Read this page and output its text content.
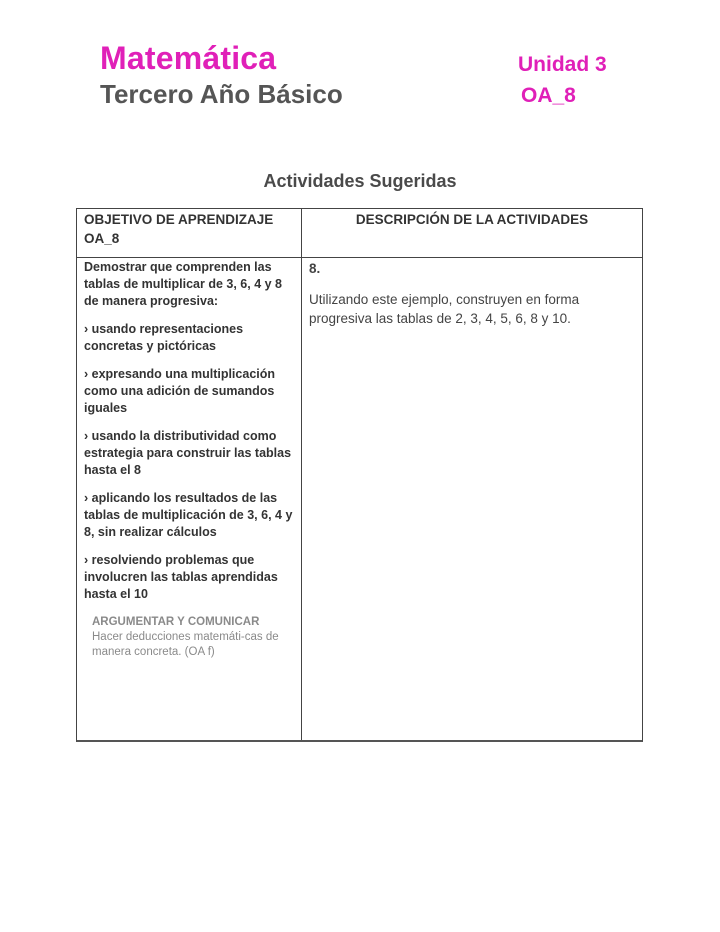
Matemática
Tercero Año Básico
Unidad 3
OA_8
Actividades Sugeridas
OBJETIVO DE APRENDIZAJE
OA_8
DESCRIPCIÓN DE LA ACTIVIDADES

Demostrar que comprenden las tablas de multiplicar de 3, 6, 4 y 8 de manera progresiva:

› usando representaciones concretas y pictóricas

› expresando una multiplicación como una adición de sumandos iguales

› usando la distributividad como estrategia para construir las tablas hasta el 8

› aplicando los resultados de las tablas de multiplicación de 3, 6, 4 y 8, sin realizar cálculos

› resolviendo problemas que involucren las tablas aprendidas hasta el 10

ARGUMENTAR Y COMUNICAR
Hacer deducciones matemáti-cas de manera concreta. (OA f)
8.
Utilizando este ejemplo, construyen en forma progresiva las tablas de 2, 3, 4, 5, 6, 8 y 10.
